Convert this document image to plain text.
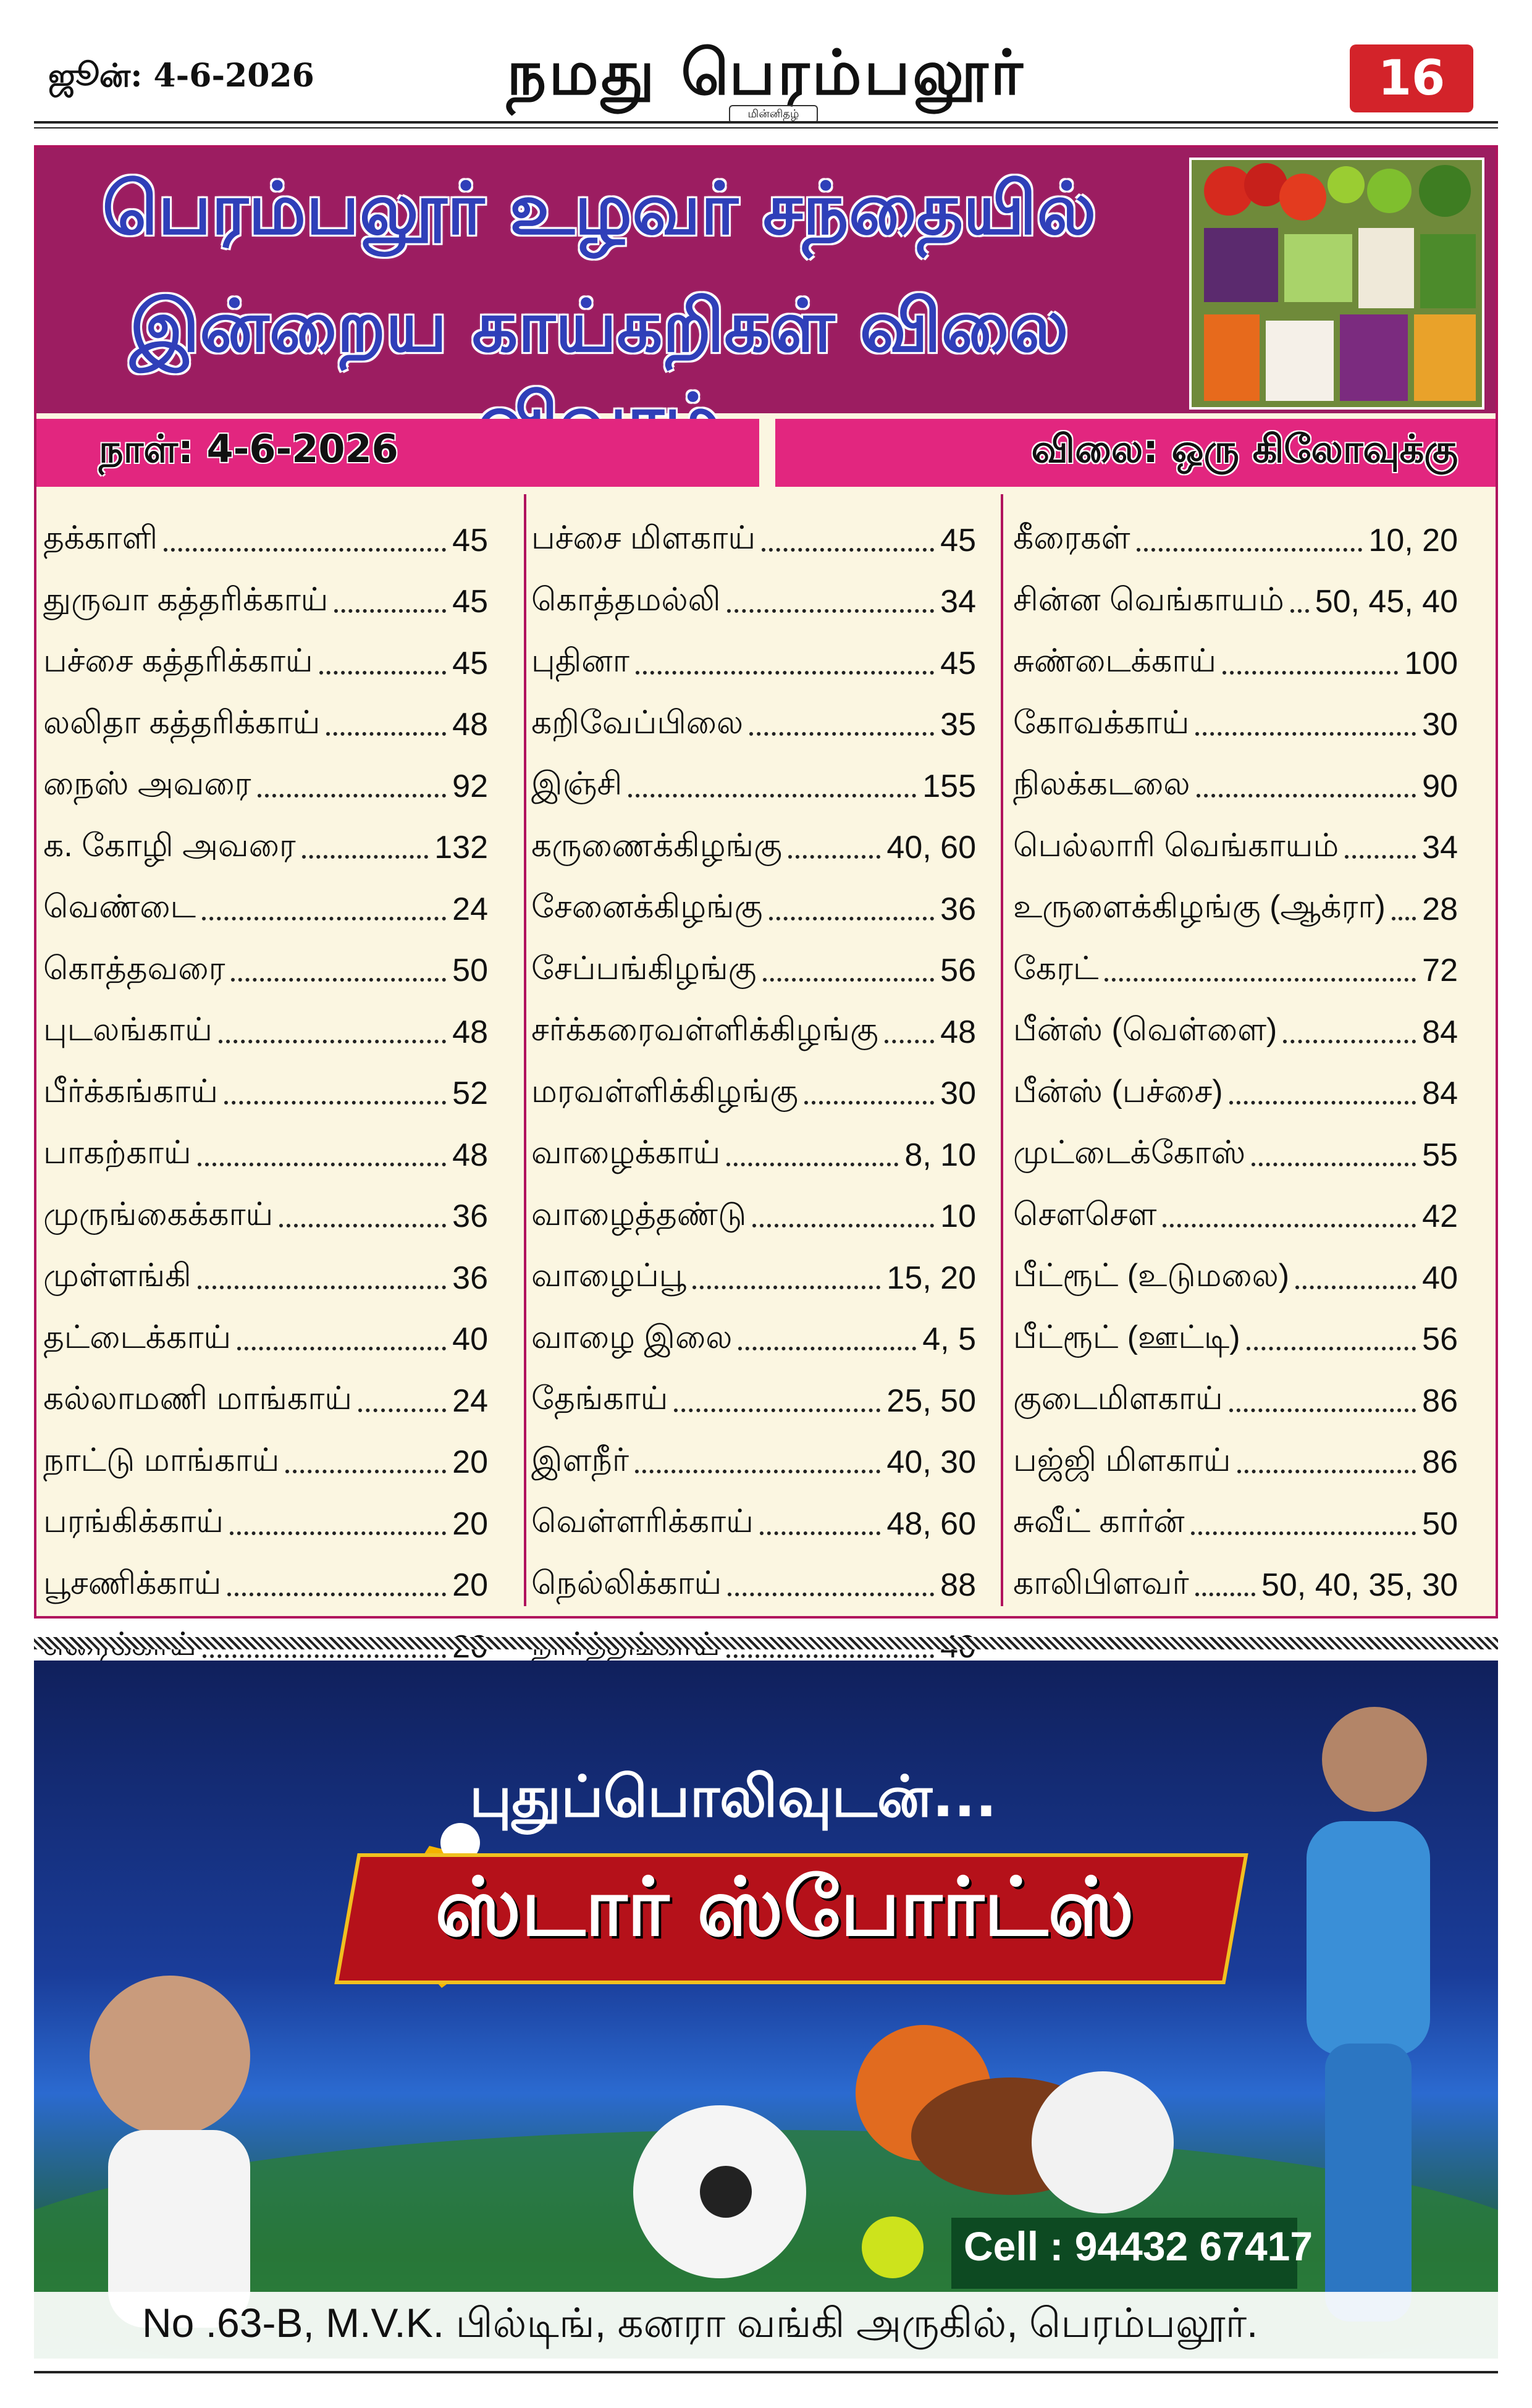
ஜூன்: 4-6-2026	நமது பெரம்பலூர்
மின்னிதழ்
16
பெரம்பலூர் உழவர் சந்தையில்
இன்றைய காய்கறிகள் விலை
நாள்: 4-6-2026	விலை: ஒரு கிலோவுக்கு
தக்காளி	45
துருவா கத்தரிக்காய்	45
பச்சை கத்தரிக்காய்	45
லலிதா கத்தரிக்காய்	48
நைஸ் அவரை	92
க. கோழி அவரை	132
வெண்டை	24
கொத்தவரை	50
புடலங்காய்	48
பீர்க்கங்காய்	52
பாகற்காய்	48
முருங்கைக்காய்	36
முள்ளங்கி	36
தட்டைக்காய்	40
கல்லாமணி மாங்காய்	24
நாட்டு மாங்காய்	20
பரங்கிக்காய்	20
பூசணிக்காய்	20
பச்சை மிளகாய்	45
கொத்தமல்லி	34
புதினா	45
கறிவேப்பிலை	35
இஞ்சி	155
கருணைக்கிழங்கு	40, 60
சேனைக்கிழங்கு	36
சேப்பங்கிழங்கு	56
சர்க்கரைவள்ளிக்கிழங்கு 48
மரவள்ளிக்கிழங்கு	30
வாழைக்காய்	8, 10
வாழைத்தண்டு	10
வாழைப்பூ	15, 20
வாழை இலை	4, 5
தேங்காய்	25, 50
இளநீர்	40, 30
வெள்ளரிக்காய்	48, 60
நெல்லிக்காய்	88
கீரைகள்	10, 20
சின்ன வெங்காயம் 50, 45, 40
சுண்டைக்காய்	100
கோவக்காய்	30
நிலக்கடலை	90
பெல்லாரி வெங்காயம்	34
உருளைக்கிழங்கு (ஆக்ரா) 28
கேரட்	72
பீன்ஸ் (வெள்ளை)	84
பீன்ஸ் (பச்சை)	84
முட்டைக்கோஸ்	55
சௌசௌ	42
பீட்ரூட் (உடுமலை)	40
பீட்ரூட் (ஊட்டி)	56
குடைமிளகாய்	86
பஜ்ஜி மிளகாய்	86
சுவீட் கார்ன்	50
காலிபிளவர் 50, 40, 35, 30
புதுப்பொலிவுடன்...
ஸ்டார் ஸ்போர்ட்ஸ்
Cell : 94432 67417
No .63-B, M.V.K. பில்டிங், கனரா வங்கி அருகில், பெரம்பலூர்.
